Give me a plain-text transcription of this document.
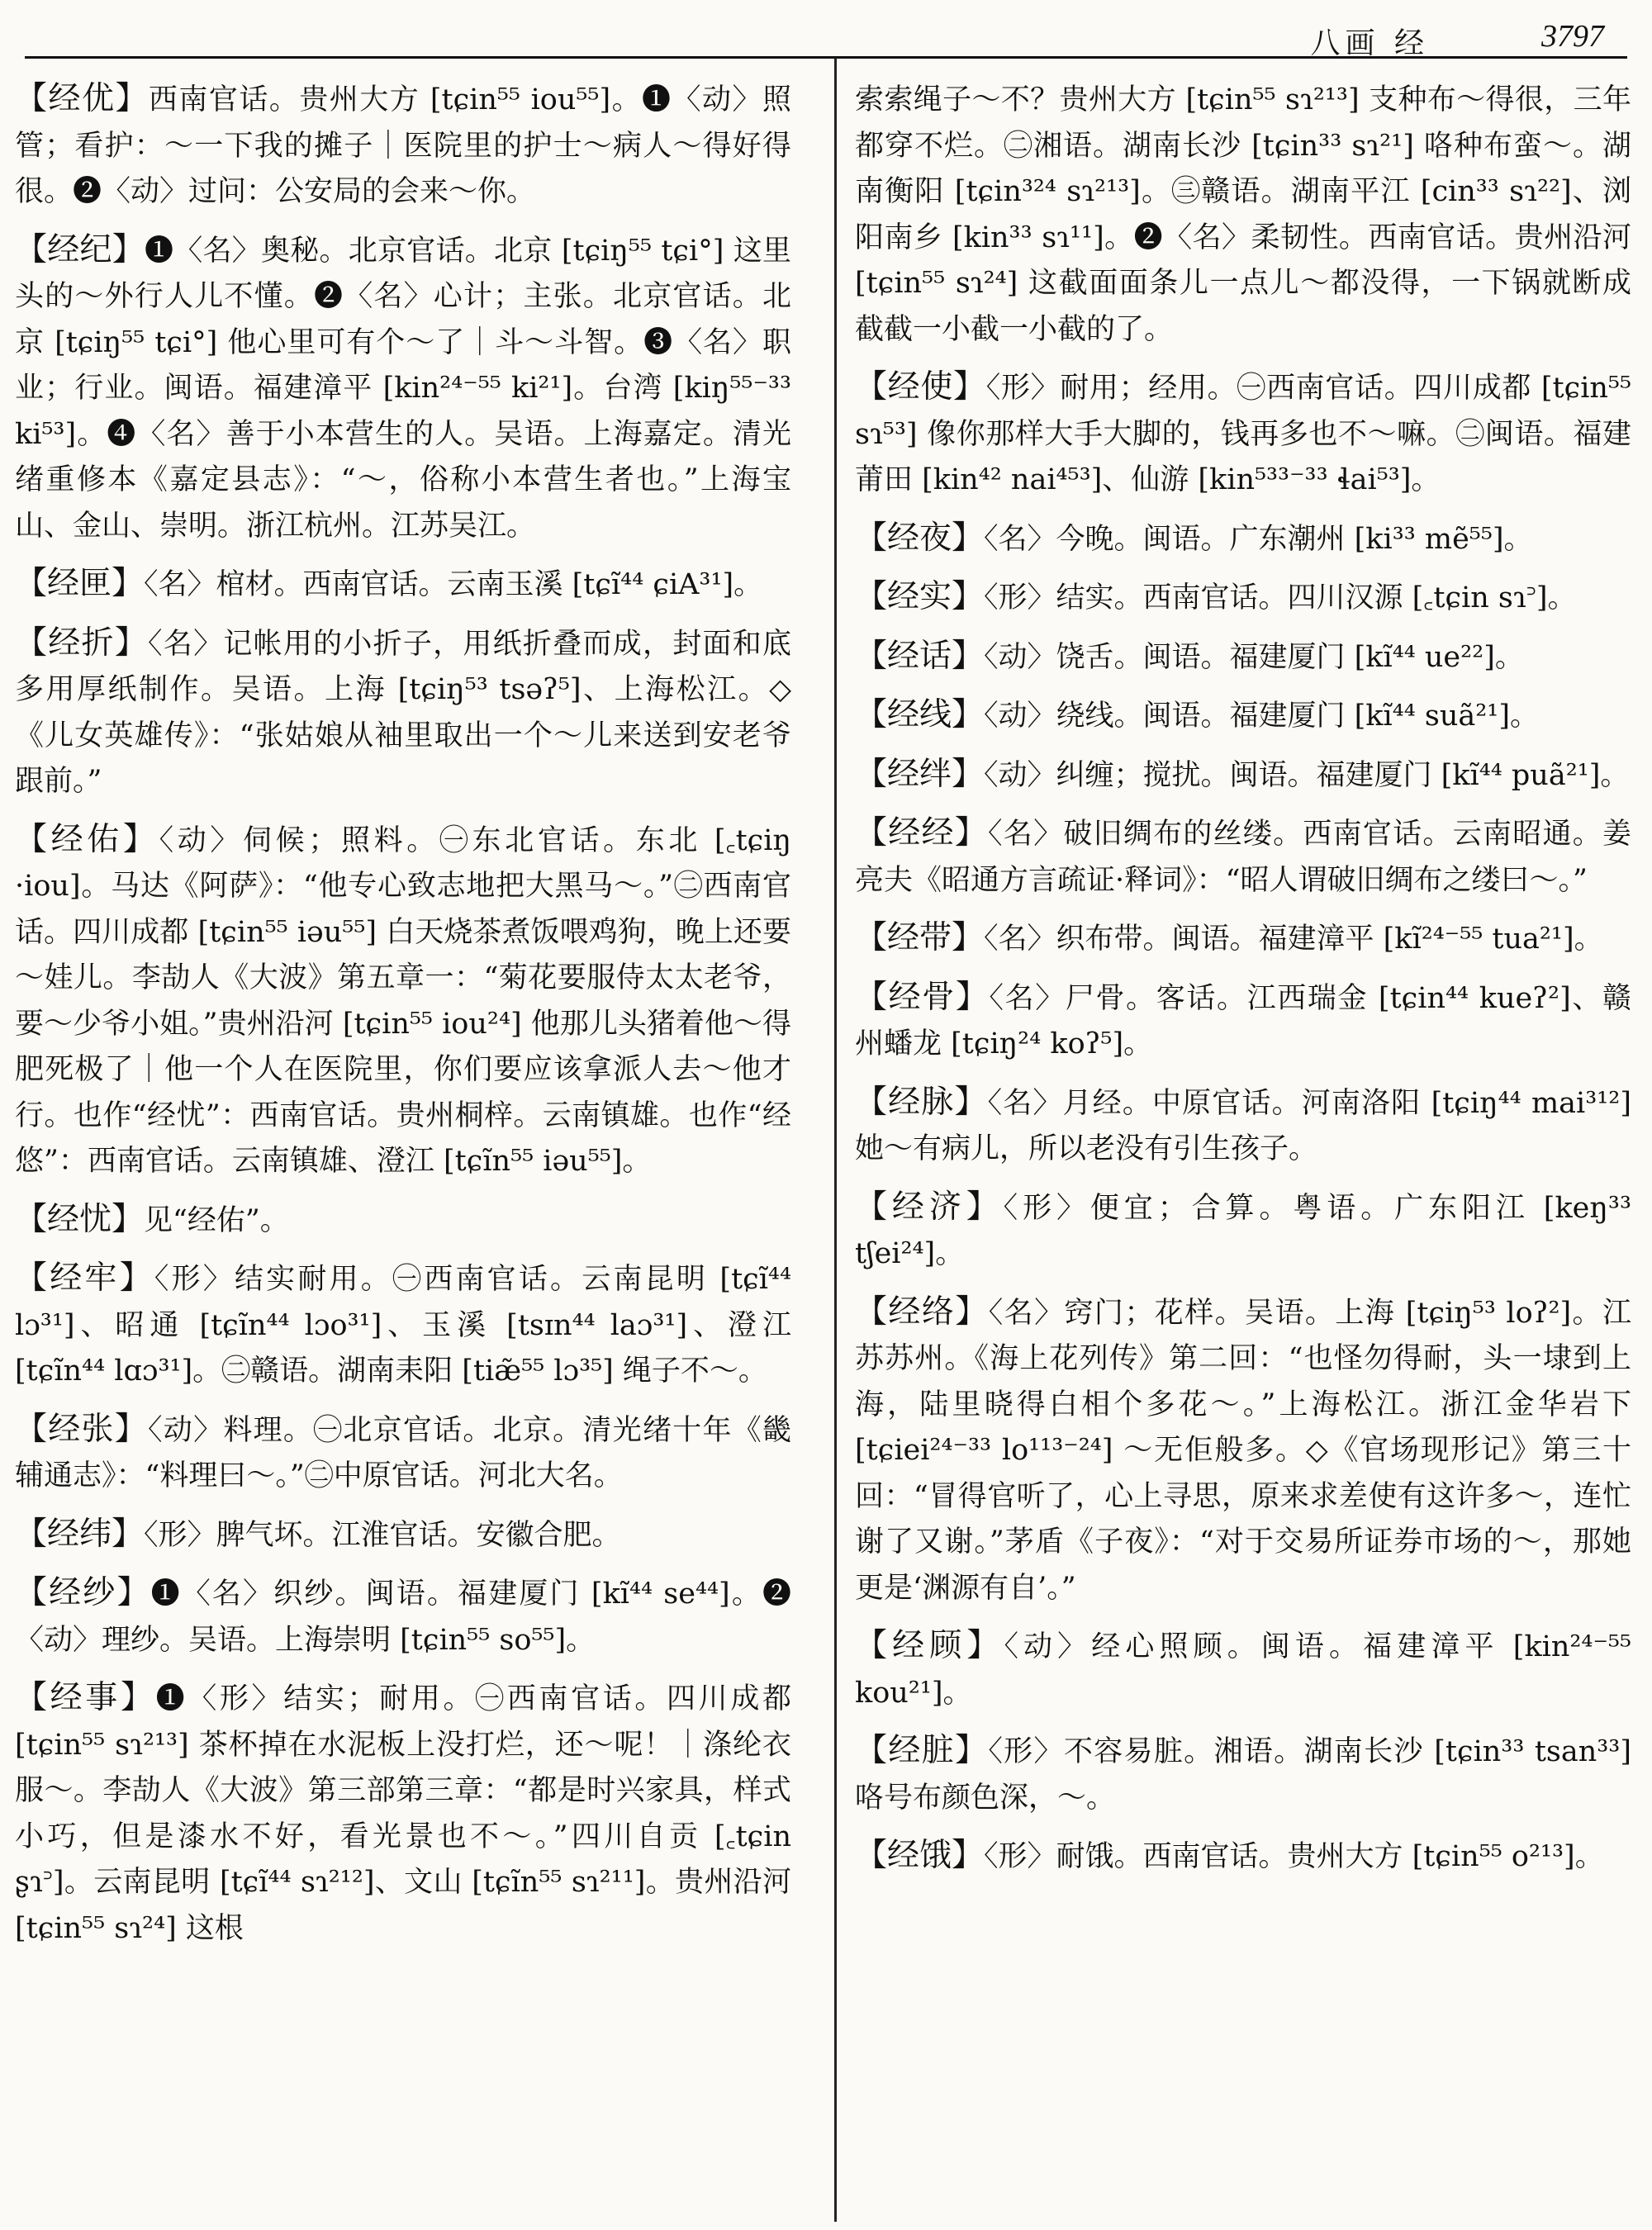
八画 经	3797

【经优】西南官话。贵州大方 [tɕin⁵⁵ iou⁵⁵]。❶〈动〉照管；看护：～一下我的摊子｜医院里的护士～病人～得好得很。❷〈动〉过问：公安局的会来～你。

【经纪】❶〈名〉奥秘。北京官话。北京 [tɕiŋ⁵⁵ tɕi°] 这里头的～外行人儿不懂。❷〈名〉心计；主张。北京官话。北京 [tɕiŋ⁵⁵ tɕi°] 他心里可有个～了｜斗～斗智。❸〈名〉职业；行业。闽语。福建漳平 [kin²⁴⁻⁵⁵ ki²¹]。台湾 [kiŋ⁵⁵⁻³³ ki⁵³]。❹〈名〉善于小本营生的人。吴语。上海嘉定。清光绪重修本《嘉定县志》：“～，俗称小本营生者也。”上海宝山、金山、崇明。浙江杭州。江苏吴江。

【经匣】〈名〉棺材。西南官话。云南玉溪 [tɕĩ⁴⁴ ɕiA³¹]。

【经折】〈名〉记帐用的小折子，用纸折叠而成，封面和底多用厚纸制作。吴语。上海 [tɕiŋ⁵³ tsəʔ⁵]、上海松江。◇《儿女英雄传》：“张姑娘从袖里取出一个～儿来送到安老爷跟前。”

【经佑】〈动〉伺候；照料。㊀东北官话。东北 [꜀tɕiŋ ·iou]。马达《阿萨》：“他专心致志地把大黑马～。”㊁西南官话。四川成都 [tɕin⁵⁵ iəu⁵⁵] 白天烧茶煮饭喂鸡狗，晚上还要～娃儿。李劼人《大波》第五章一：“菊花要服侍太太老爷，要～少爷小姐。”贵州沿河 [tɕin⁵⁵ iou²⁴] 他那儿头猪着他～得肥死极了｜他一个人在医院里，你们要应该拿派人去～他才行。也作“经忧”：西南官话。贵州桐梓。云南镇雄。也作“经悠”：西南官话。云南镇雄、澄江 [tɕĩn⁵⁵ iəu⁵⁵]。

【经忧】见“经佑”。

【经牢】〈形〉结实耐用。㊀西南官话。云南昆明 [tɕĩ⁴⁴ lɔ³¹]、昭通 [tɕĩn⁴⁴ lɔo³¹]、玉溪 [tsɪn⁴⁴ laɔ³¹]、澄江 [tɕĩn⁴⁴ lɑɔ³¹]。㊁赣语。湖南耒阳 [tiæ̃⁵⁵ lɔ³⁵] 绳子不～。

【经张】〈动〉料理。㊀北京官话。北京。清光绪十年《畿辅通志》：“料理曰～。”㊁中原官话。河北大名。

【经纬】〈形〉脾气坏。江淮官话。安徽合肥。

【经纱】❶〈名〉织纱。闽语。福建厦门 [kĩ⁴⁴ se⁴⁴]。❷〈动〉理纱。吴语。上海崇明 [tɕin⁵⁵ so⁵⁵]。

【经事】❶〈形〉结实；耐用。㊀西南官话。四川成都 [tɕin⁵⁵ sɿ²¹³] 茶杯掉在水泥板上没打烂，还～呢！｜涤纶衣服～。李劼人《大波》第三部第三章：“都是时兴家具，样式小巧，但是漆水不好，看光景也不～。”四川自贡 [꜀tɕin ʂɿ꜄]。云南昆明 [tɕĩ⁴⁴ sɿ²¹²]、文山 [tɕĩn⁵⁵ sɿ²¹¹]。贵州沿河 [tɕin⁵⁵ sɿ²⁴] 这根

索索绳子～不？贵州大方 [tɕin⁵⁵ sɿ²¹³] 支种布～得很，三年都穿不烂。㊁湘语。湖南长沙 [tɕin³³ sɿ²¹] 咯种布蛮～。湖南衡阳 [tɕin³²⁴ sɿ²¹³]。㊂赣语。湖南平江 [cin³³ sɿ²²]、浏阳南乡 [kin³³ sɿ¹¹]。❷〈名〉柔韧性。西南官话。贵州沿河 [tɕin⁵⁵ sɿ²⁴] 这截面面条儿一点儿～都没得，一下锅就断成截截一小截一小截的了。

【经使】〈形〉耐用；经用。㊀西南官话。四川成都 [tɕin⁵⁵ sɿ⁵³] 像你那样大手大脚的，钱再多也不～嘛。㊁闽语。福建莆田 [kin⁴² nai⁴⁵³]、仙游 [kin⁵³³⁻³³ ɬai⁵³]。

【经夜】〈名〉今晚。闽语。广东潮州 [ki³³ mẽ⁵⁵]。

【经实】〈形〉结实。西南官话。四川汉源 [꜀tɕin sɿ꜄]。

【经话】〈动〉饶舌。闽语。福建厦门 [kĩ⁴⁴ ue²²]。

【经线】〈动〉绕线。闽语。福建厦门 [kĩ⁴⁴ suã²¹]。

【经绊】〈动〉纠缠；搅扰。闽语。福建厦门 [kĩ⁴⁴ puã²¹]。

【经经】〈名〉破旧绸布的丝缕。西南官话。云南昭通。姜亮夫《昭通方言疏证·释词》：“昭人谓破旧绸布之缕曰～。”

【经带】〈名〉织布带。闽语。福建漳平 [kĩ²⁴⁻⁵⁵ tua²¹]。

【经骨】〈名〉尸骨。客话。江西瑞金 [tɕin⁴⁴ kueʔ²]、赣州蟠龙 [tɕiŋ²⁴ koʔ⁵]。

【经脉】〈名〉月经。中原官话。河南洛阳 [tɕiŋ⁴⁴ mai³¹²] 她～有病儿，所以老没有引生孩子。

【经济】〈形〉便宜；合算。粤语。广东阳江 [keŋ³³ tʃei²⁴]。

【经络】〈名〉窍门；花样。吴语。上海 [tɕiŋ⁵³ loʔ²]。江苏苏州。《海上花列传》第二回：“也怪勿得耐，头一埭到上海，陆里晓得白相个多花～。”上海松江。浙江金华岩下 [tɕiei²⁴⁻³³ lo¹¹³⁻²⁴] ～无佢般多。◇《官场现形记》第三十回：“冒得官听了，心上寻思，原来求差使有这许多～，连忙谢了又谢。”茅盾《子夜》：“对于交易所证券市场的～，那她更是‘渊源有自’。”

【经顾】〈动〉经心照顾。闽语。福建漳平 [kin²⁴⁻⁵⁵ kou²¹]。

【经脏】〈形〉不容易脏。湘语。湖南长沙 [tɕin³³ tsan³³] 咯号布颜色深，～。

【经饿】〈形〉耐饿。西南官话。贵州大方 [tɕin⁵⁵ o²¹³]。
